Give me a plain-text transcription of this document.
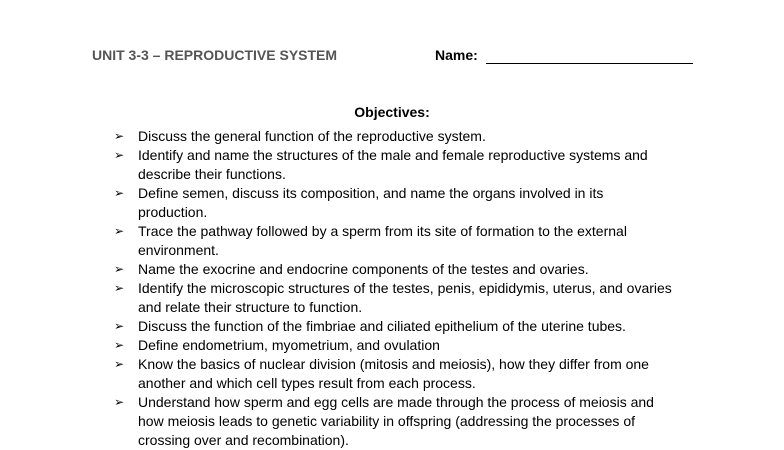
UNIT 3-3 – REPRODUCTIVE SYSTEM	Name:
Objectives:
➢ Discuss the general function of the reproductive system.
➢ Identify and name the structures of the male and female reproductive systems and describe their functions.
➢ Define semen, discuss its composition, and name the organs involved in its production.
➢ Trace the pathway followed by a sperm from its site of formation to the external environment.
➢ Name the exocrine and endocrine components of the testes and ovaries.
➢ Identify the microscopic structures of the testes, penis, epididymis, uterus, and ovaries and relate their structure to function.
➢ Discuss the function of the fimbriae and ciliated epithelium of the uterine tubes.
➢ Define endometrium, myometrium, and ovulation
➢ Know the basics of nuclear division (mitosis and meiosis), how they differ from one another and which cell types result from each process.
➢ Understand how sperm and egg cells are made through the process of meiosis and how meiosis leads to genetic variability in offspring (addressing the processes of crossing over and recombination).
